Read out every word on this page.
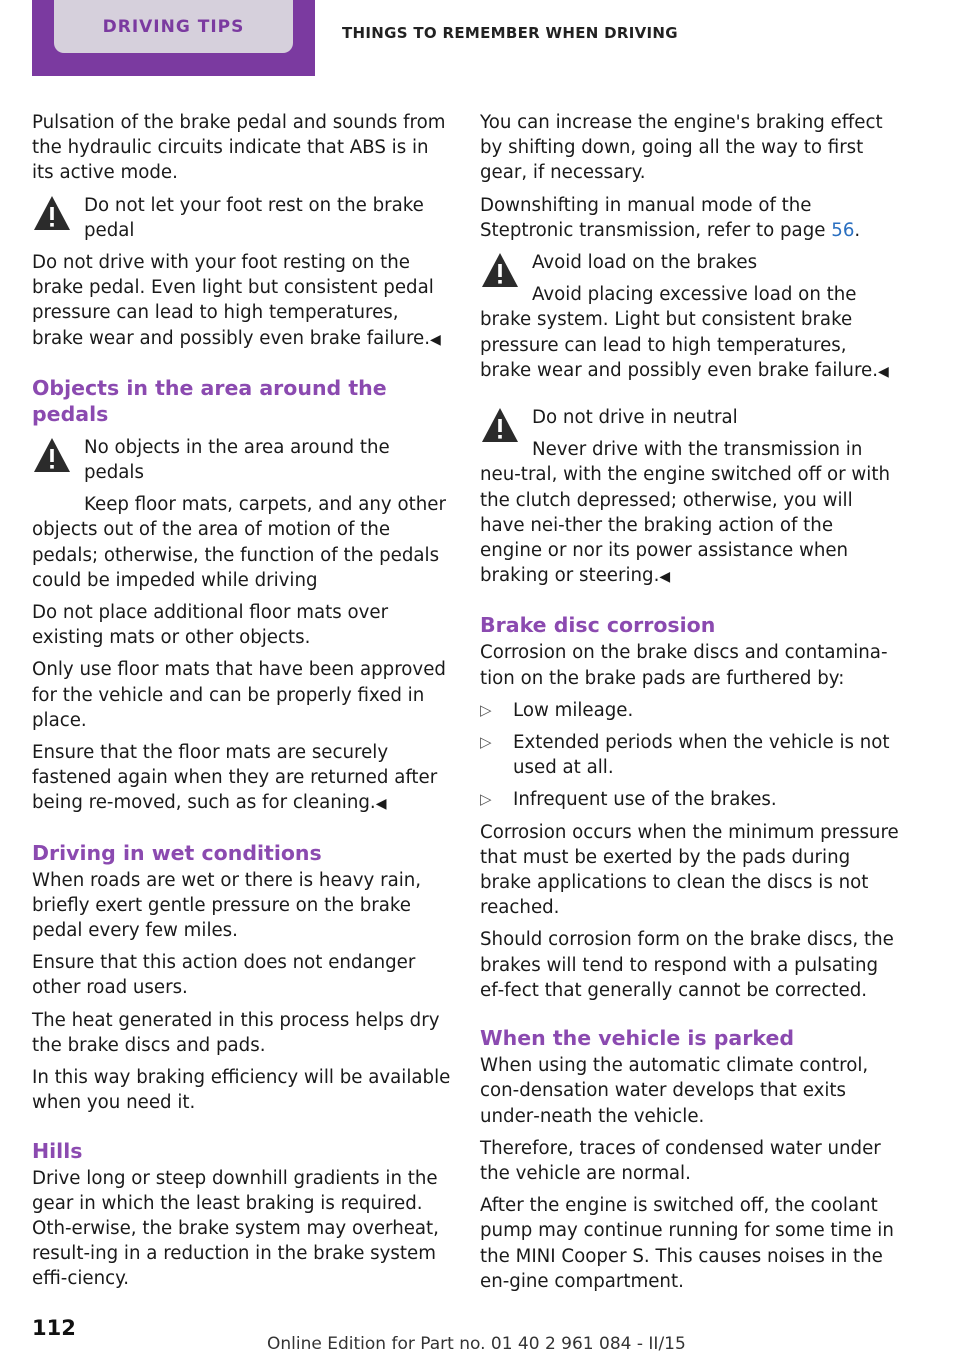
DRIVING TIPS	THINGS TO REMEMBER WHEN DRIVING

Pulsation of the brake pedal and sounds from the hydraulic circuits indicate that ABS is in its active mode.

Do not let your foot rest on the brake pedal
Do not drive with your foot resting on the brake pedal. Even light but consistent pedal pressure can lead to high temperatures, brake wear and possibly even brake failure.◀
Objects in the area around the pedals
No objects in the area around the pedals
Keep floor mats, carpets, and any other objects out of the area of motion of the pedals; otherwise, the function of the pedals could be impeded while driving

Do not place additional floor mats over existing mats or other objects.

Only use floor mats that have been approved for the vehicle and can be properly fixed in place.

Ensure that the floor mats are securely fastened again when they are returned after being re‐moved, such as for cleaning.◀

Driving in wet conditions

When roads are wet or there is heavy rain, briefly exert gentle pressure on the brake pedal every few miles.

Ensure that this action does not endanger other road users.

The heat generated in this process helps dry the brake discs and pads.

In this way braking efficiency will be available when you need it.

Hills

Drive long or steep downhill gradients in the gear in which the least braking is required. Oth‐erwise, the brake system may overheat, result‐ing in a reduction in the brake system effi‐ciency.

You can increase the engine's braking effect by shifting down, going all the way to first gear, if necessary.

Downshifting in manual mode of the Steptronic transmission, refer to page 56.

Avoid load on the brakes
Avoid placing excessive load on the brake system. Light but consistent brake pressure can lead to high temperatures, brake wear and possibly even brake failure.◀
Do not drive in neutral
Never drive with the transmission in neu‐tral, with the engine switched off or with the clutch depressed; otherwise, you will have nei‐ther the braking action of the engine or nor its power assistance when braking or steering.◀
Brake disc corrosion

Corrosion on the brake discs and contamina‐tion on the brake pads are furthered by:

▷ Low mileage.
▷ Extended periods when the vehicle is not used at all.
▷ Infrequent use of the brakes.

Corrosion occurs when the minimum pressure that must be exerted by the pads during brake applications to clean the discs is not reached.

Should corrosion form on the brake discs, the brakes will tend to respond with a pulsating ef‐fect that generally cannot be corrected.

When the vehicle is parked

When using the automatic climate control, con‐densation water develops that exits under‐neath the vehicle.

Therefore, traces of condensed water under the vehicle are normal.

After the engine is switched off, the coolant pump may continue running for some time in the MINI Cooper S. This causes noises in the en‐gine compartment.

112
Online Edition for Part no. 01 40 2 961 084 - II/15
